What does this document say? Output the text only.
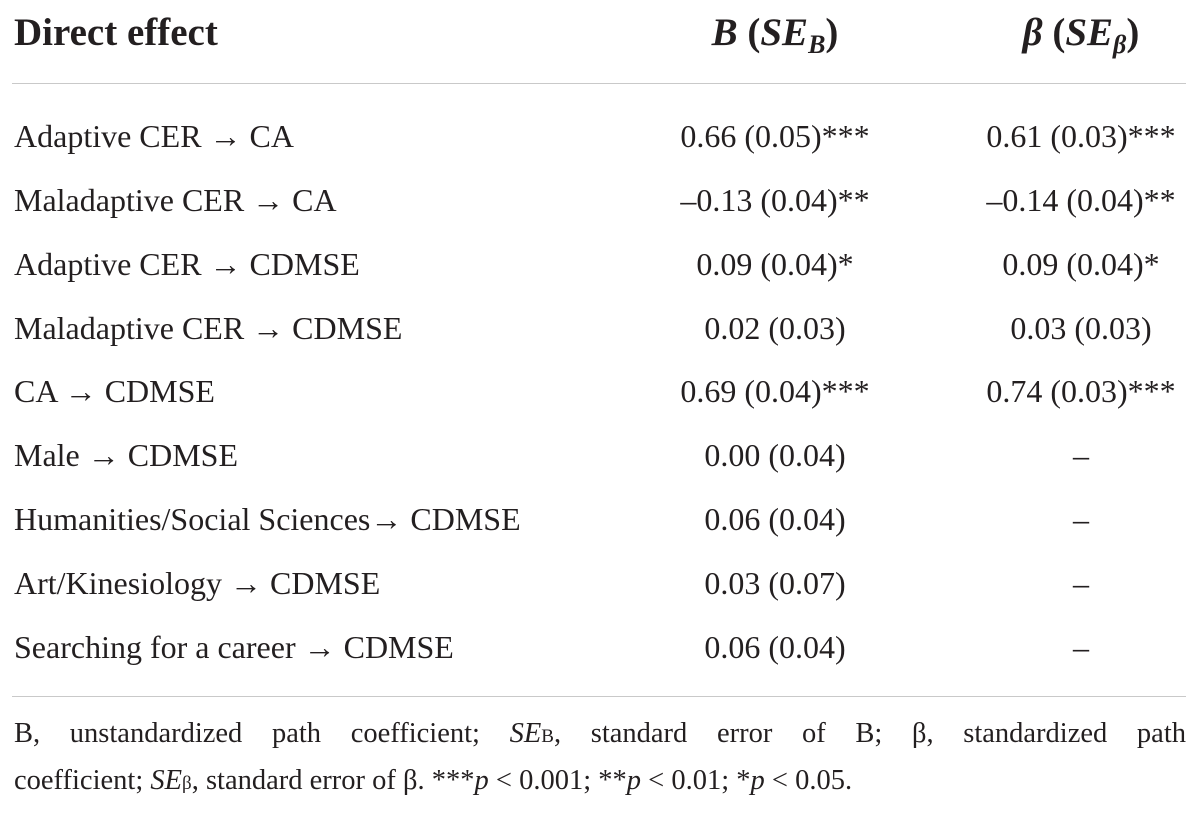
Direct effect	B $(SE_B)$	β $(SE_\beta)$
Adaptive CER → CA	0.66 (0.05)***	0.61 (0.03)***
Maladaptive CER → CA	–0.13 (0.04)**	–0.14 (0.04)**
Adaptive CER → CDMSE	0.09 (0.04)*	0.09 (0.04)*
Maladaptive CER → CDMSE	0.02 (0.03)	0.03 (0.03)
CA → CDMSE	0.69 (0.04)***	0.74 (0.03)***
Male → CDMSE	0.00 (0.04)	–
Humanities/Social Sciences→ CDMSE	0.06 (0.04)	–
Art/Kinesiology → CDMSE	0.03 (0.07)	–
Searching for a career → CDMSE	0.06 (0.04)	–
B, unstandardized path coefficient; SEB, standard error of B; β, standardized path
coefficient; SEβ, standard error of β. ***p < 0.001; **p < 0.01; *p < 0.05.
